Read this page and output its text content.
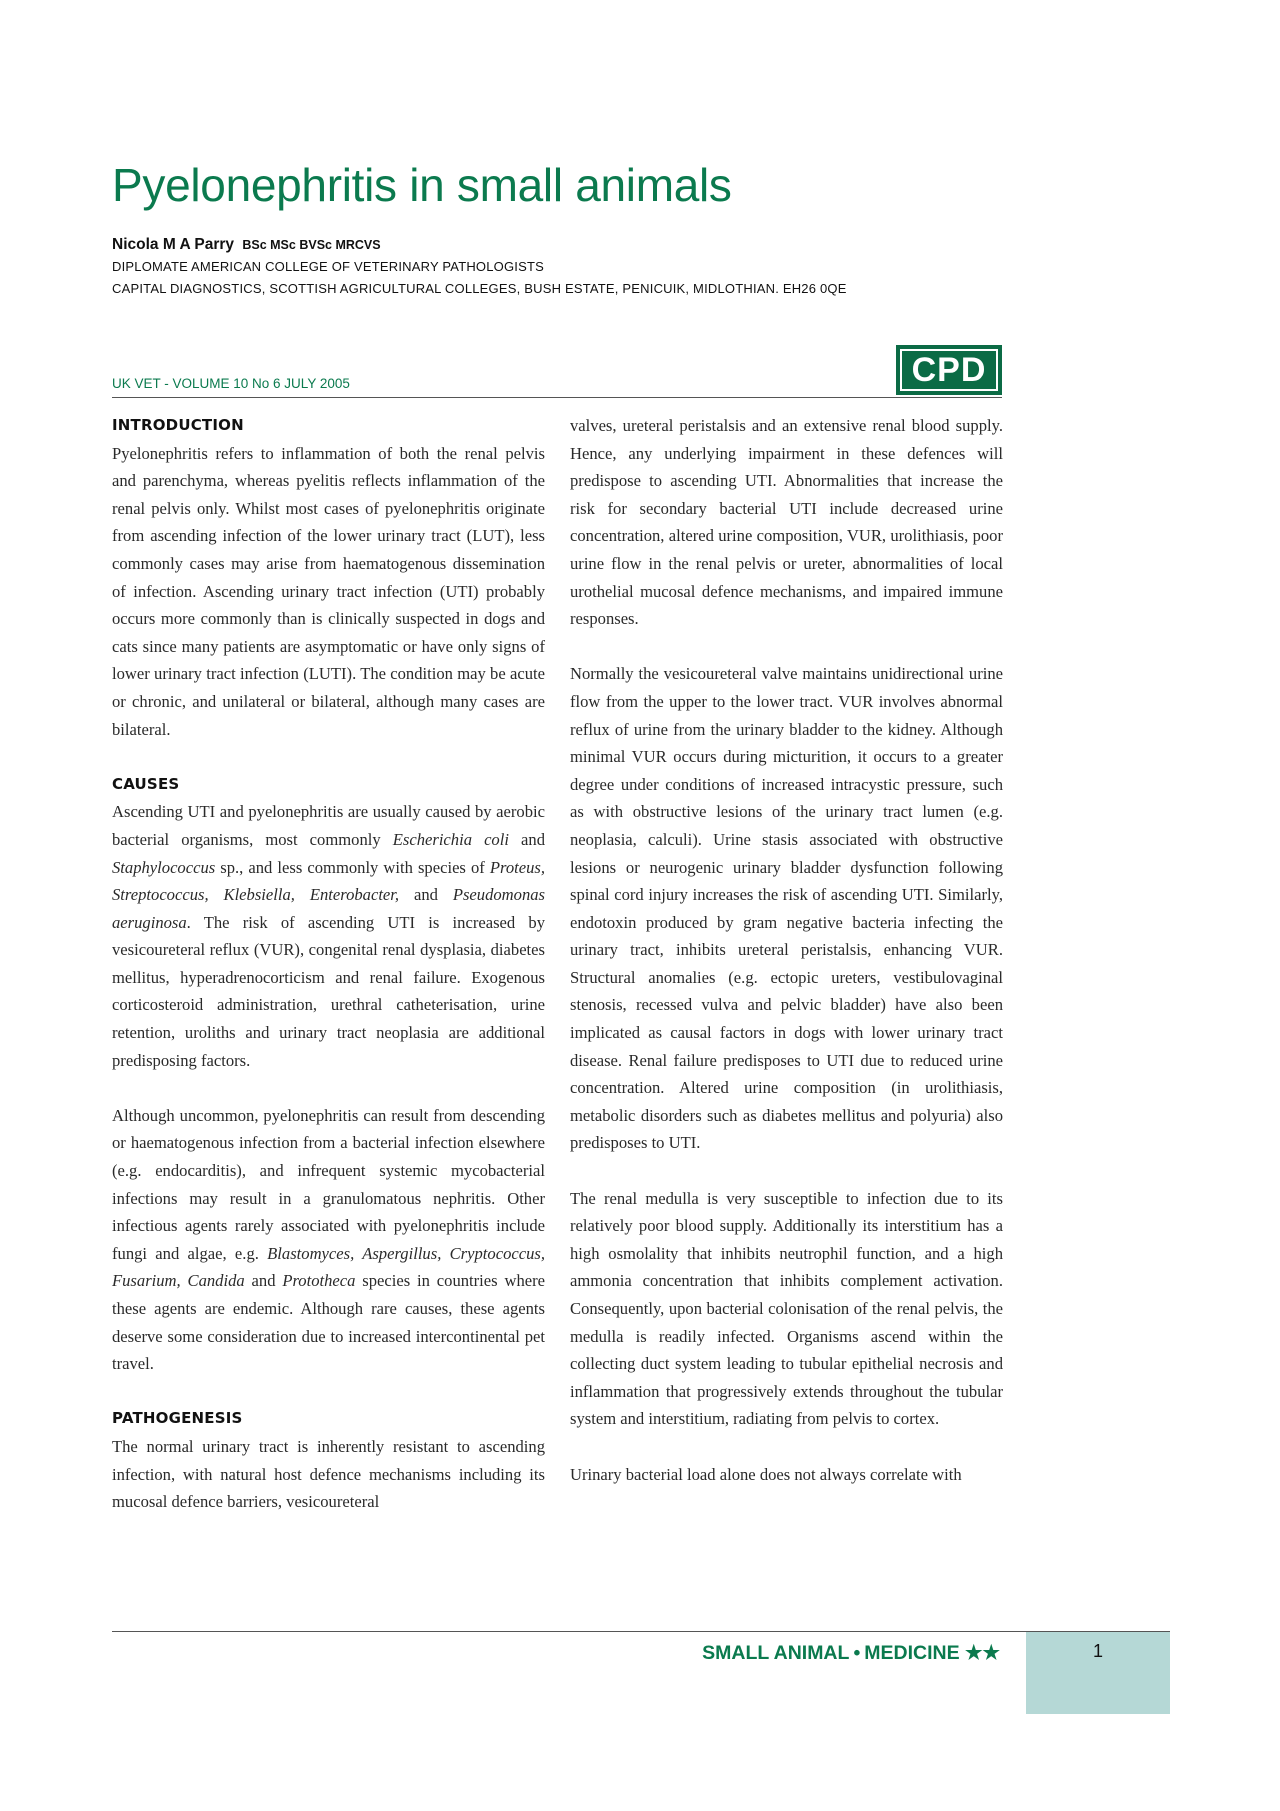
Pyelonephritis in small animals
Nicola M A Parry BSc MSc BVSc MRCVS
DIPLOMATE AMERICAN COLLEGE OF VETERINARY PATHOLOGISTS
CAPITAL DIAGNOSTICS, SCOTTISH AGRICULTURAL COLLEGES, BUSH ESTATE, PENICUIK, MIDLOTHIAN. EH26 0QE
UK VET - VOLUME 10 No 6 JULY 2005	CPD
INTRODUCTION

Pyelonephritis refers to inflammation of both the renal pelvis and parenchyma, whereas pyelitis reflects inflammation of the renal pelvis only. Whilst most cases of pyelonephritis originate from ascending infection of the lower urinary tract (LUT), less commonly cases may arise from haematogenous dissemination of infection. Ascending urinary tract infection (UTI) probably occurs more commonly than is clinically suspected in dogs and cats since many patients are asymptomatic or have only signs of lower urinary tract infection (LUTI). The condition may be acute or chronic, and unilateral or bilateral, although many cases are bilateral.

CAUSES

Ascending UTI and pyelonephritis are usually caused by aerobic bacterial organisms, most commonly Escherichia coli and Staphylococcus sp., and less commonly with species of Proteus, Streptococcus, Klebsiella, Enterobacter, and Pseudomonas aeruginosa. The risk of ascending UTI is increased by vesicoureteral reflux (VUR), congenital renal dysplasia, diabetes mellitus, hyperadrenocorticism and renal failure. Exogenous corticosteroid administration, urethral catheterisation, urine retention, uroliths and urinary tract neoplasia are additional predisposing factors.

Although uncommon, pyelonephritis can result from descending or haematogenous infection from a bacterial infection elsewhere (e.g. endocarditis), and infrequent systemic mycobacterial infections may result in a granulomatous nephritis. Other infectious agents rarely associated with pyelonephritis include fungi and algae, e.g. Blastomyces, Aspergillus, Cryptococcus, Fusarium, Candida and Prototheca species in countries where these agents are endemic. Although rare causes, these agents deserve some consideration due to increased intercontinental pet travel.

PATHOGENESIS

The normal urinary tract is inherently resistant to ascending infection, with natural host defence mechanisms including its mucosal defence barriers, vesicoureteral

valves, ureteral peristalsis and an extensive renal blood supply. Hence, any underlying impairment in these defences will predispose to ascending UTI. Abnormalities that increase the risk for secondary bacterial UTI include decreased urine concentration, altered urine composition, VUR, urolithiasis, poor urine flow in the renal pelvis or ureter, abnormalities of local urothelial mucosal defence mechanisms, and impaired immune responses.

Normally the vesicoureteral valve maintains unidirectional urine flow from the upper to the lower tract. VUR involves abnormal reflux of urine from the urinary bladder to the kidney. Although minimal VUR occurs during micturition, it occurs to a greater degree under conditions of increased intracystic pressure, such as with obstructive lesions of the urinary tract lumen (e.g. neoplasia, calculi). Urine stasis associated with obstructive lesions or neurogenic urinary bladder dysfunction following spinal cord injury increases the risk of ascending UTI. Similarly, endotoxin produced by gram negative bacteria infecting the urinary tract, inhibits ureteral peristalsis, enhancing VUR. Structural anomalies (e.g. ectopic ureters, vestibulovaginal stenosis, recessed vulva and pelvic bladder) have also been implicated as causal factors in dogs with lower urinary tract disease. Renal failure predisposes to UTI due to reduced urine concentration. Altered urine composition (in urolithiasis, metabolic disorders such as diabetes mellitus and polyuria) also predisposes to UTI.

The renal medulla is very susceptible to infection due to its relatively poor blood supply. Additionally its interstitium has a high osmolality that inhibits neutrophil function, and a high ammonia concentration that inhibits complement activation. Consequently, upon bacterial colonisation of the renal pelvis, the medulla is readily infected. Organisms ascend within the collecting duct system leading to tubular epithelial necrosis and inflammation that progressively extends throughout the tubular system and interstitium, radiating from pelvis to cortex.

Urinary bacterial load alone does not always correlate with

SMALL ANIMAL • MEDICINE ★★	1
